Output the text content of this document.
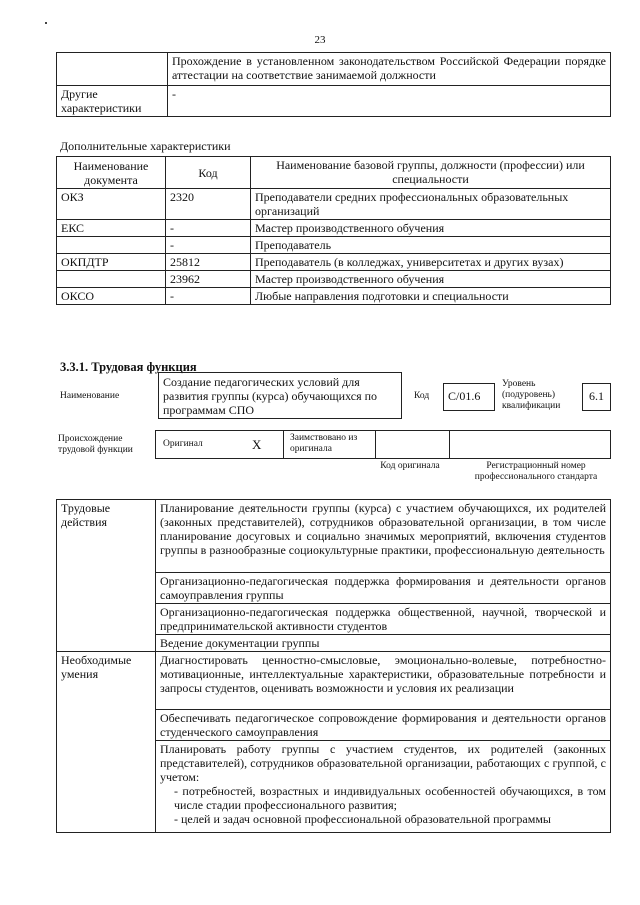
23
	Прохождение в установленном законодательством Российской Федерации порядке аттестации на соответствие занимаемой должности
Другие характеристики	-
Дополнительные характеристики
Наименование документа	Код	Наименование базовой группы, должности (профессии) или специальности
ОКЗ	2320	Преподаватели средних профессиональных образовательных организаций
ЕКС	-	Мастер производственного обучения
	-	Преподаватель
ОКПДТР	25812	Преподаватель (в колледжах, университетах и других вузах)
	23962	Мастер производственного обучения
ОКСО	-	Любые направления подготовки и специальности
3.3.1. Трудовая функция
Наименование
Создание педагогических условий для развития группы (курса) обучающихся по программам СПО
Код	C/01.6
Уровень (подуровень) квалификации
6.1
Происхождение трудовой функции
Оригинал	X	Заимствовано из оригинала
Код оригинала	Регистрационный номер профессионального стандарта
Трудовые действия	Планирование деятельности группы (курса) с участием обучающихся, их родителей (законных представителей), сотрудников образовательной организации, в том числе планирование досуговых и социально значимых мероприятий, включения студентов группы в разнообразные социокультурные практики, профессиональную деятельность
	Организационно-педагогическая поддержка формирования и деятельности органов самоуправления группы
	Организационно-педагогическая поддержка общественной, научной, творческой и предпринимательской активности студентов
	Ведение документации группы
Необходимые умения	Диагностировать ценностно-смысловые, эмоционально-волевые, потребностно-мотивационные, интеллектуальные характеристики, образовательные потребности и запросы студентов, оценивать возможности и условия их реализации
	Обеспечивать педагогическое сопровождение формирования и деятельности органов студенческого самоуправления

	Планировать работу группы с участием студентов, их родителей (законных представителей), сотрудников образовательной организации, работающих с группой, с учетом:
- потребностей, возрастных и индивидуальных особенностей обучающихся, в том числе стадии профессионального развития;
- целей и задач основной профессиональной образовательной программы
